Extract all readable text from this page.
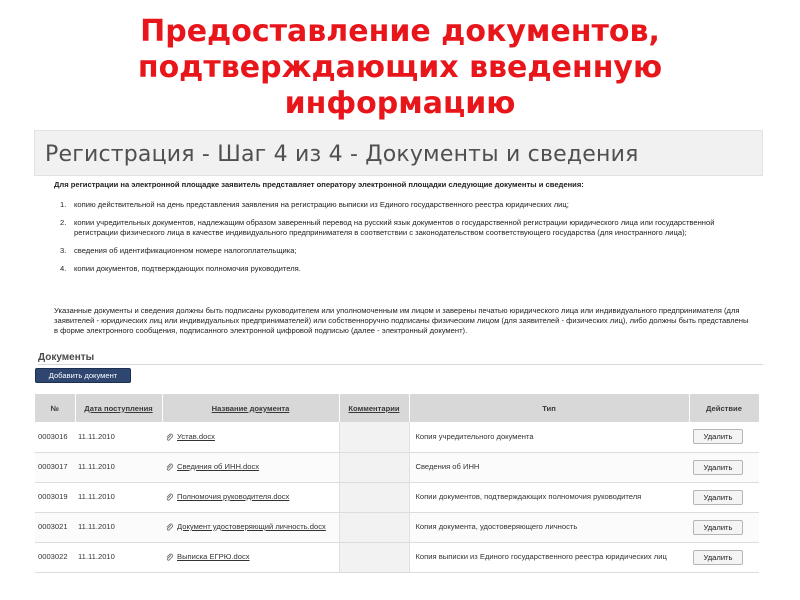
Предоставление документов,
подтверждающих введенную
информацию
Регистрация - Шаг 4 из 4 - Документы и сведения
Для регистрации на электронной площадке заявитель представляет оператору электронной площадки следующие документы и сведения:
1. копию действительной на день представления заявления на регистрацию выписки из Единого государственного реестра юридических лиц;
2. копии учредительных документов, надлежащим образом заверенный перевод на русский язык документов о государственной регистрации юридического лица или государственной регистрации физического лица в качестве индивидуального предпринимателя в соответствии с законодательством соответствующего государства (для иностранного лица);
3. сведения об идентификационном номере налогоплательщика;
4. копии документов, подтверждающих полномочия руководителя.
Указанные документы и сведения должны быть подписаны руководителем или уполномоченным им лицом и заверены печатью юридического лица или индивидуального предпринимателя (для заявителей - юридических лиц или индивидуальных предпринимателей) или собственноручно подписаны физическим лицом (для заявителей - физических лиц), либо должны быть представлены в форме электронного сообщения, подписанного электронной цифровой подписью (далее - электронный документ).
Документы
Добавить документ
№	Дата поступления	Название документа	Комментарии	Тип	Действие
0003016	11.11.2010	Устав.docx		Копия учредительного документа	Удалить
0003017	11.11.2010	Свединия об ИНН.docx		Сведения об ИНН	Удалить
0003019	11.11.2010	Полномочия руководителя.docx		Копии документов, подтверждающих полномочия руководителя	Удалить
0003021	11.11.2010	Документ удостоверяющий личность.docx		Копия документа, удостоверяющего личность	Удалить
0003022	11.11.2010	Выписка ЕГРЮ.docx		Копия выписки из Единого государственного реестра юридических лиц	Удалить
